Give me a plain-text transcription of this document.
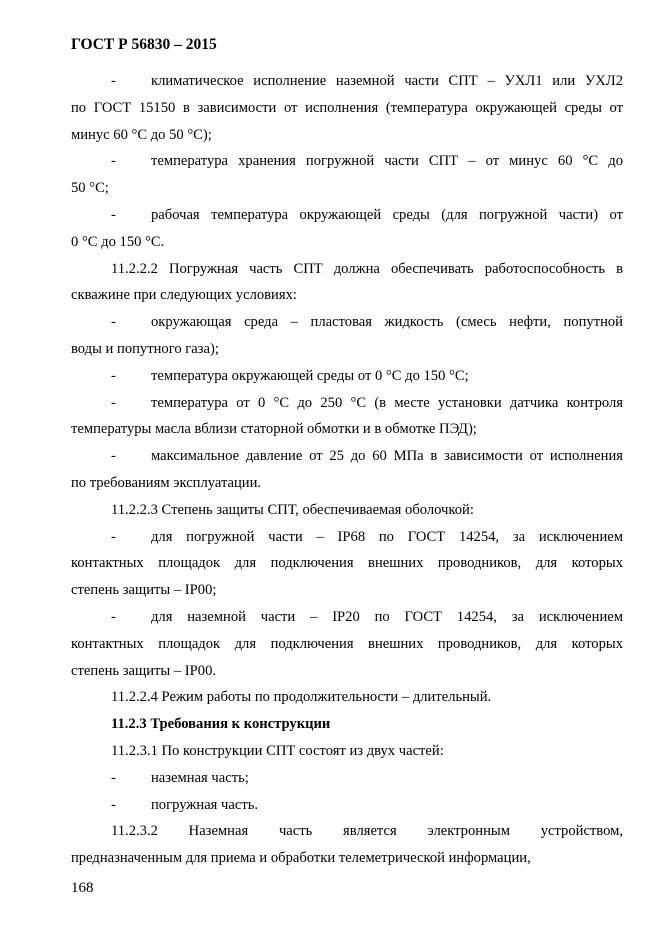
ГОСТ Р 56830 – 2015

- климатическое исполнение наземной части СПТ – УХЛ1 или УХЛ2

по ГОСТ 15150 в зависимости от исполнения (температура окружающей среды от

минус 60 °С до 50 °С);

- температура хранения погружной части СПТ – от минус 60 °С до

50 °С;

- рабочая температура окружающей среды (для погружной части) от

0 °С до 150 °С.

11.2.2.2 Погружная часть СПТ должна обеспечивать работоспособность в

скважине при следующих условиях:

- окружающая среда – пластовая жидкость (смесь нефти, попутной

воды и попутного газа);

- температура окружающей среды от 0 °С до 150 °С;

- температура от 0 °С до 250 °С (в месте установки датчика контроля

температуры масла вблизи статорной обмотки и в обмотке ПЭД);

- максимальное давление от 25 до 60 МПа в зависимости от исполнения

по требованиям эксплуатации.

11.2.2.3 Степень защиты СПТ, обеспечиваемая оболочкой:

- для погружной части – IP68 по ГОСТ 14254, за исключением

контактных площадок для подключения внешних проводников, для которых

степень защиты – IP00;

- для наземной части – IP20 по ГОСТ 14254, за исключением

контактных площадок для подключения внешних проводников, для которых

степень защиты – IP00.

11.2.2.4 Режим работы по продолжительности – длительный.

11.2.3 Требования к конструкции

11.2.3.1 По конструкции СПТ состоят из двух частей:

- наземная часть;

- погружная часть.

11.2.3.2 Наземная часть является электронным устройством,

предназначенным для приема и обработки телеметрической информации,

168
